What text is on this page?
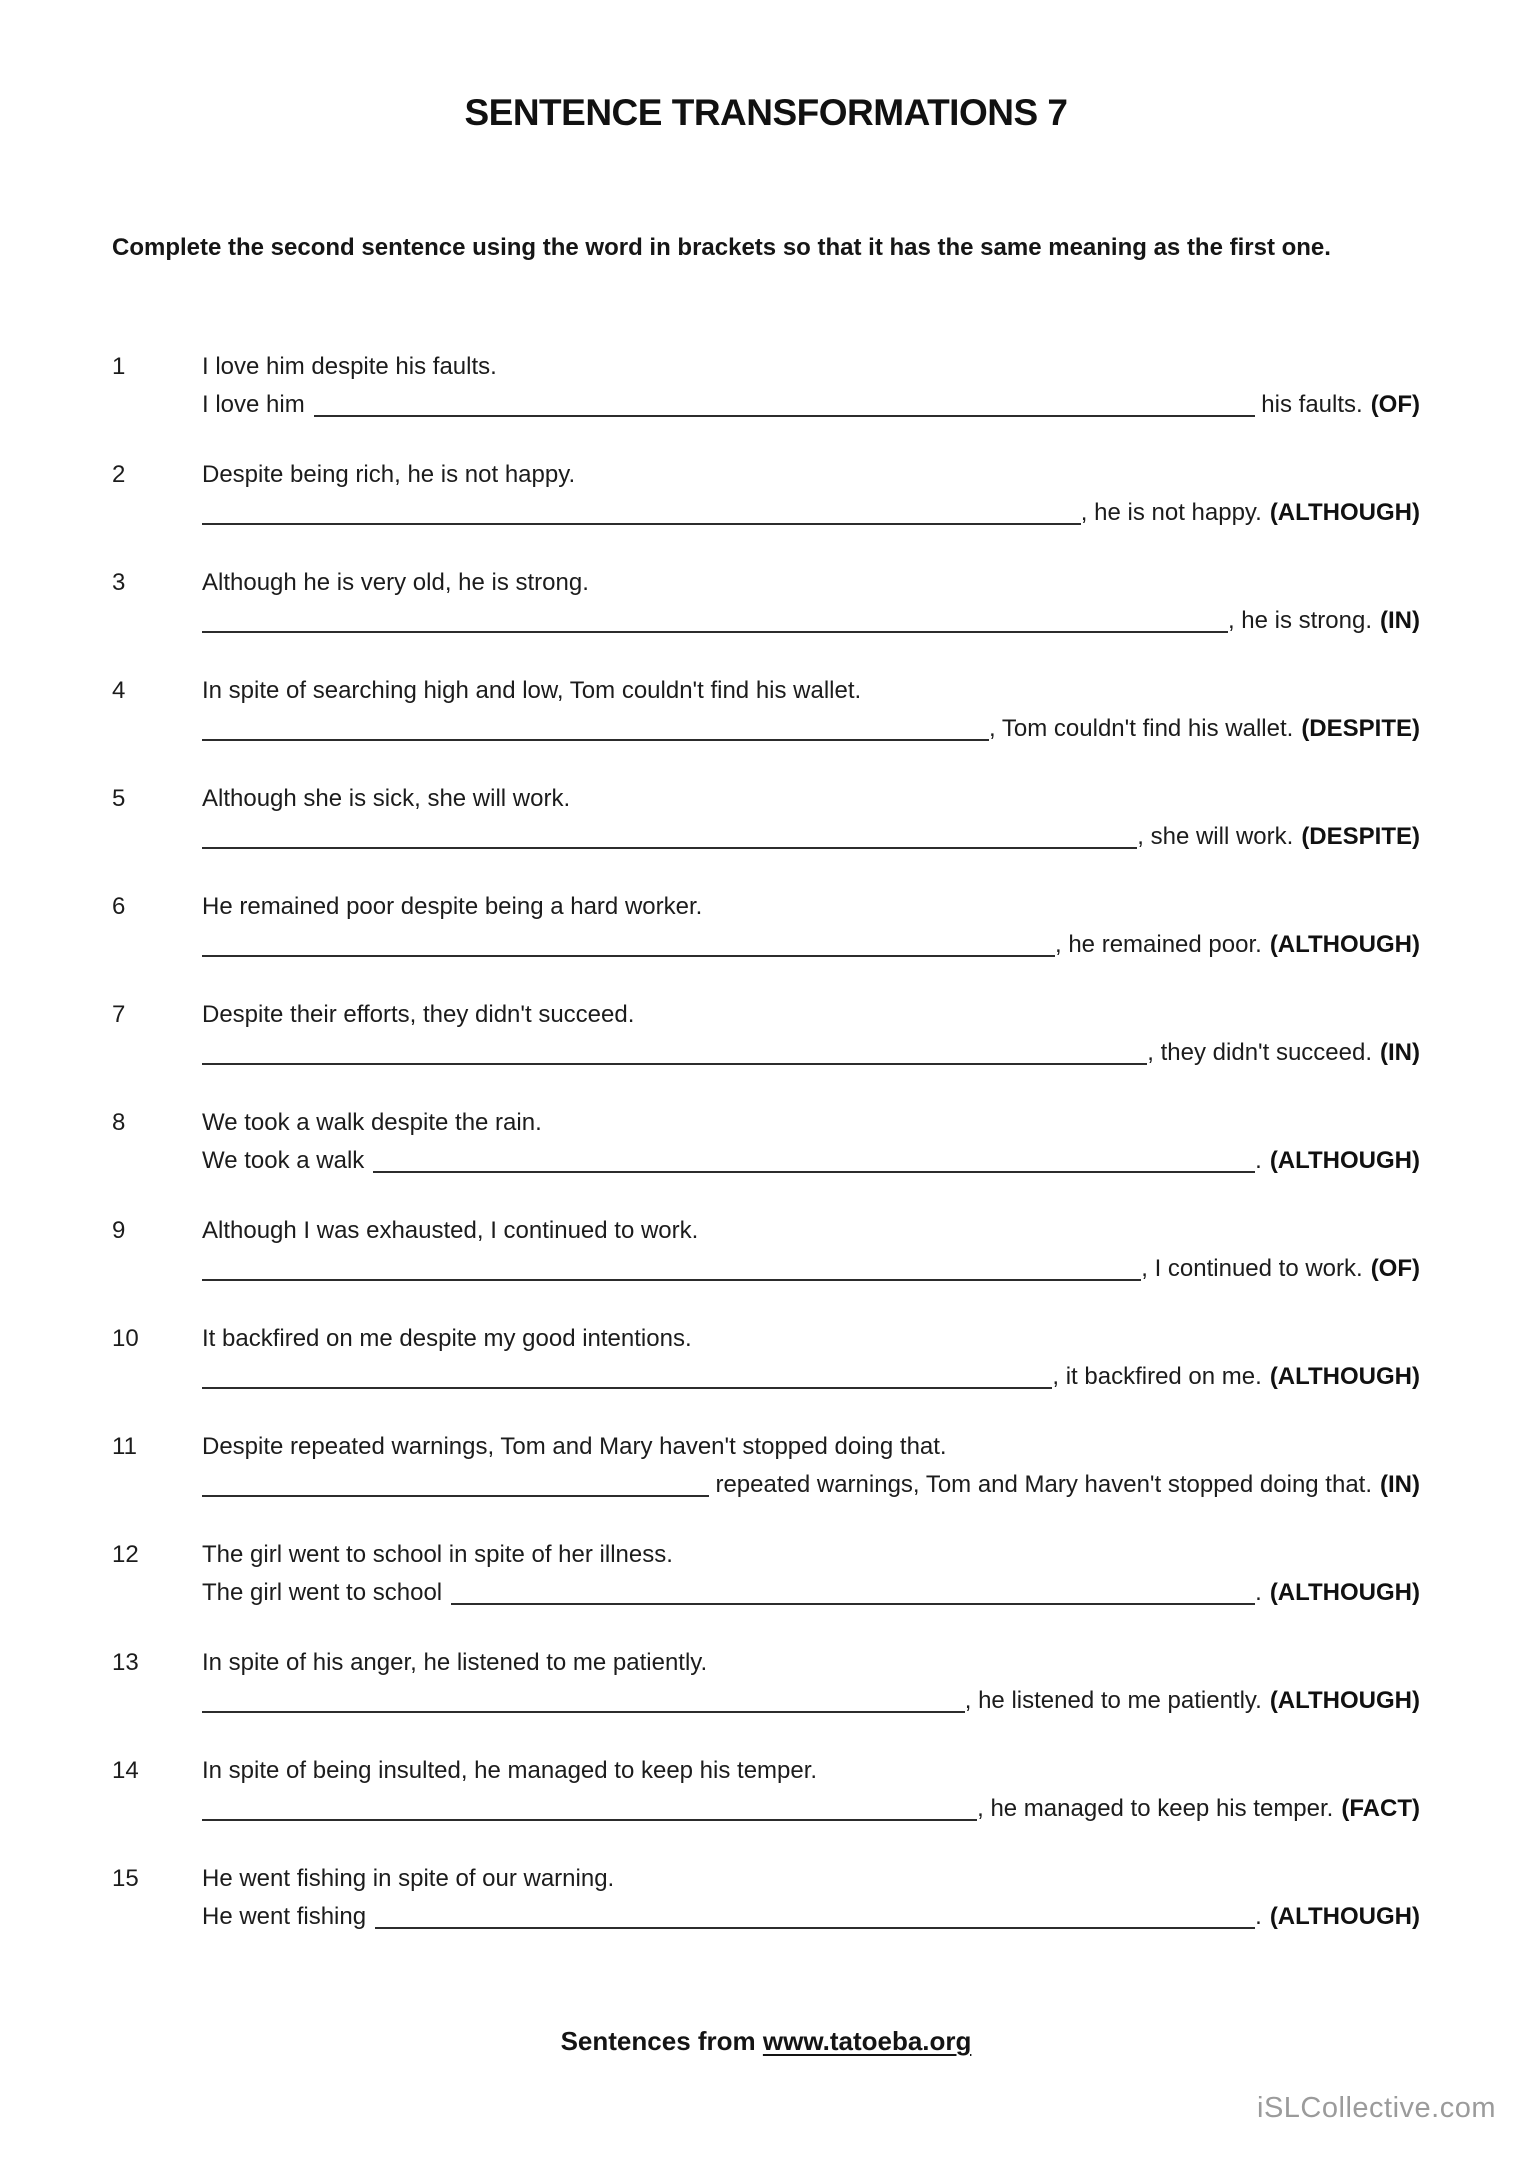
SENTENCE TRANSFORMATIONS 7
Complete the second sentence using the word in brackets so that it has the same meaning as the first one.
1	I love him despite his faults.
I love him	his faults. (OF)
2	Despite being rich, he is not happy.
, he is not happy. (ALTHOUGH)
3	Although he is very old, he is strong.
, he is strong. (IN)
4	In spite of searching high and low, Tom couldn't find his wallet.
, Tom couldn't find his wallet. (DESPITE)
5	Although she is sick, she will work.
, she will work. (DESPITE)
6	He remained poor despite being a hard worker.
, he remained poor. (ALTHOUGH)
7	Despite their efforts, they didn't succeed.
, they didn't succeed. (IN)
8	We took a walk despite the rain.
We took a walk	. (ALTHOUGH)
9	Although I was exhausted, I continued to work.
, I continued to work. (OF)
10	It backfired on me despite my good intentions.
, it backfired on me. (ALTHOUGH)
11	Despite repeated warnings, Tom and Mary haven't stopped doing that.
repeated warnings, Tom and Mary haven't stopped doing that. (IN)
12	The girl went to school in spite of her illness.
The girl went to school	. (ALTHOUGH)
13	In spite of his anger, he listened to me patiently.
, he listened to me patiently. (ALTHOUGH)
14	In spite of being insulted, he managed to keep his temper.
, he managed to keep his temper. (FACT)
15	He went fishing in spite of our warning.
He went fishing	. (ALTHOUGH)
Sentences from www.tatoeba.org
iSLCollective.com
